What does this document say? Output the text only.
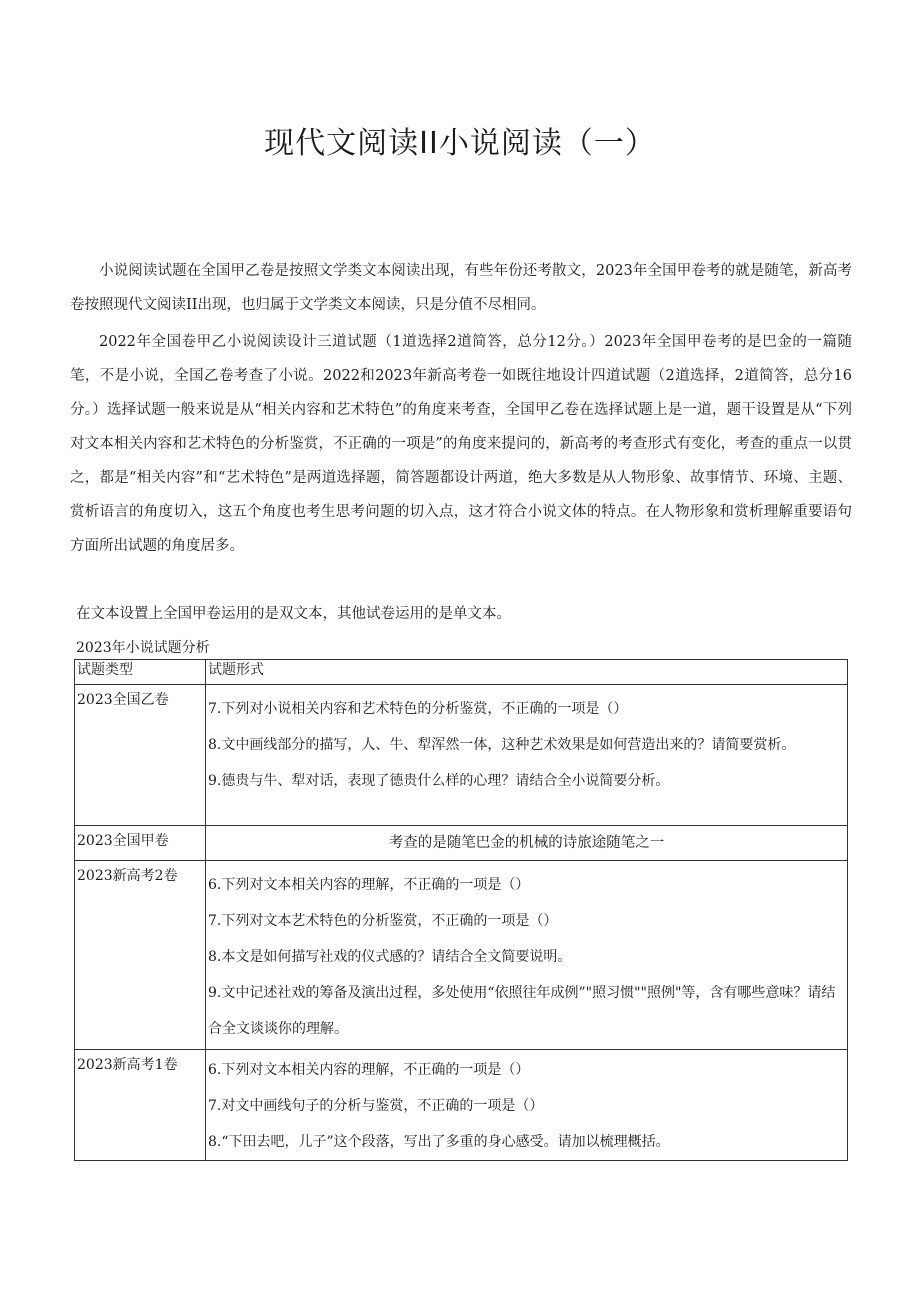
现代文阅读II小说阅读（一）
小说阅读试题在全国甲乙卷是按照文学类文本阅读出现，有些年份还考散文，2023年全国甲卷考的就是随笔，新高考卷按照现代文阅读II出现，也归属于文学类文本阅读，只是分值不尽相同。
2022年全国卷甲乙小说阅读设计三道试题（1道选择2道简答，总分12分。）2023年全国甲卷考的是巴金的一篇随笔，不是小说，全国乙卷考查了小说。2022和2023年新高考卷一如既往地设计四道试题（2道选择，2道简答，总分16分。）选择试题一般来说是从“相关内容和艺术特色”的角度来考查，全国甲乙卷在选择试题上是一道，题干设置是从“下列对文本相关内容和艺术特色的分析鉴赏，不正确的一项是”的角度来提问的，新高考的考查形式有变化，考查的重点一以贯之，都是“相关内容”和“艺术特色”是两道选择题，简答题都设计两道，绝大多数是从人物形象、故事情节、环境、主题、赏析语言的角度切入，这五个角度也考生思考问题的切入点，这才符合小说文体的特点。在人物形象和赏析理解重要语句方面所出试题的角度居多。
在文本设置上全国甲卷运用的是双文本，其他试卷运用的是单文本。
2023年小说试题分析
试题类型	试题形式
2023全国乙卷	7.下列对小说相关内容和艺术特色的分析鉴赏，不正确的一项是（）
8.文中画线部分的描写，人、牛、犁浑然一体，这种艺术效果是如何营造出来的？请简要赏析。
9.德贵与牛、犁对话，表现了德贵什么样的心理？请结合全小说简要分析。

2023全国甲卷	考查的是随笔巴金的机械的诗旅途随笔之一

2023新高考2卷	6.下列对文本相关内容的理解，不正确的一项是（）
7.下列对文本艺术特色的分析鉴赏，不正确的一项是（）
8.本文是如何描写社戏的仪式感的？请结合全文简要说明。
9.文中记述社戏的筹备及演出过程，多处使用“依照往年成例”"照习惯""照例"等，含有哪些意味？请结合全文谈谈你的理解。

2023新高考1卷	6.下列对文本相关内容的理解，不正确的一项是（）
7.对文中画线句子的分析与鉴赏，不正确的一项是（）
8.“下田去吧，儿子”这个段落，写出了多重的身心感受。请加以梳理概括。
